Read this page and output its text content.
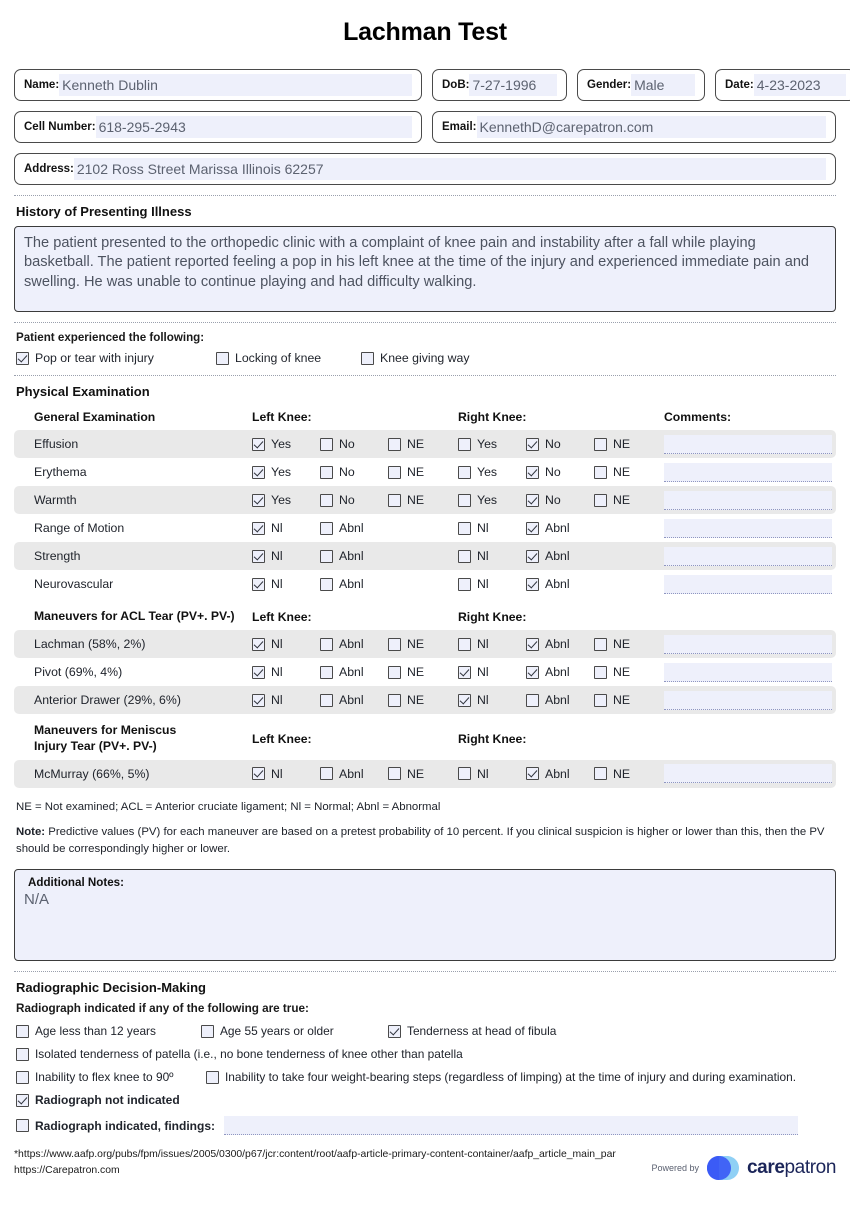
Lachman Test
Name: Kenneth Dublin	DoB: 7-27-1996	Gender: Male	Date: 4-23-2023
Cell Number: 618-295-2943	Email: KennethD@carepatron.com
Address: 2102 Ross Street Marissa Illinois 62257
History of Presenting Illness
The patient presented to the orthopedic clinic with a complaint of knee pain and instability after a fall while playing basketball. The patient reported feeling a pop in his left knee at the time of the injury and experienced immediate pain and swelling. He was unable to continue playing and had difficulty walking.
Patient experienced the following:
Pop or tear with injury	Locking of knee	Knee giving way
Physical Examination
General Examination	Left Knee:	Right Knee:	Comments:
Effusion	Yes	No	NE	Yes	No	NE
Erythema	Yes	No	NE	Yes	No	NE
Warmth	Yes	No	NE	Yes	No	NE
Range of Motion	Nl	Abnl	Nl	Abnl
Strength	Nl	Abnl	Nl	Abnl
Neurovascular	Nl	Abnl	Nl	Abnl
Maneuvers for ACL Tear (PV+. PV-)	Left Knee:	Right Knee:
Lachman (58%, 2%)	Nl	Abnl	NE	Nl	Abnl	NE
Pivot (69%, 4%)	Nl	Abnl	NE	Nl	Abnl	NE
Anterior Drawer (29%, 6%)	Nl	Abnl	NE	Nl	Abnl	NE
Maneuvers for Meniscus
Injury Tear (PV+. PV-)	Left Knee:	Right Knee:
McMurray (66%, 5%)	Nl	Abnl	NE	Nl	Abnl	NE
NE = Not examined; ACL = Anterior cruciate ligament; Nl = Normal; Abnl = Abnormal
Note: Predictive values (PV) for each maneuver are based on a pretest probability of 10 percent. If you clinical suspicion is higher or lower than this, then the PV should be correspondingly higher or lower.
Additional Notes:
N/A
Radiographic Decision-Making
Radiograph indicated if any of the following are true:
Age less than 12 years	Age 55 years or older	Tenderness at head of fibula
Isolated tenderness of patella (i.e., no bone tenderness of knee other than patella
Inability to flex knee to 90º	Inability to take four weight-bearing steps (regardless of limping) at the time of injury and during examination.
Radiograph not indicated
Radiograph indicated, findings:
*https://www.aafp.org/pubs/fpm/issues/2005/0300/p67/jcr:content/root/aafp-article-primary-content-container/aafp_article_main_par
https://Carepatron.com	Powered by	carepatron
